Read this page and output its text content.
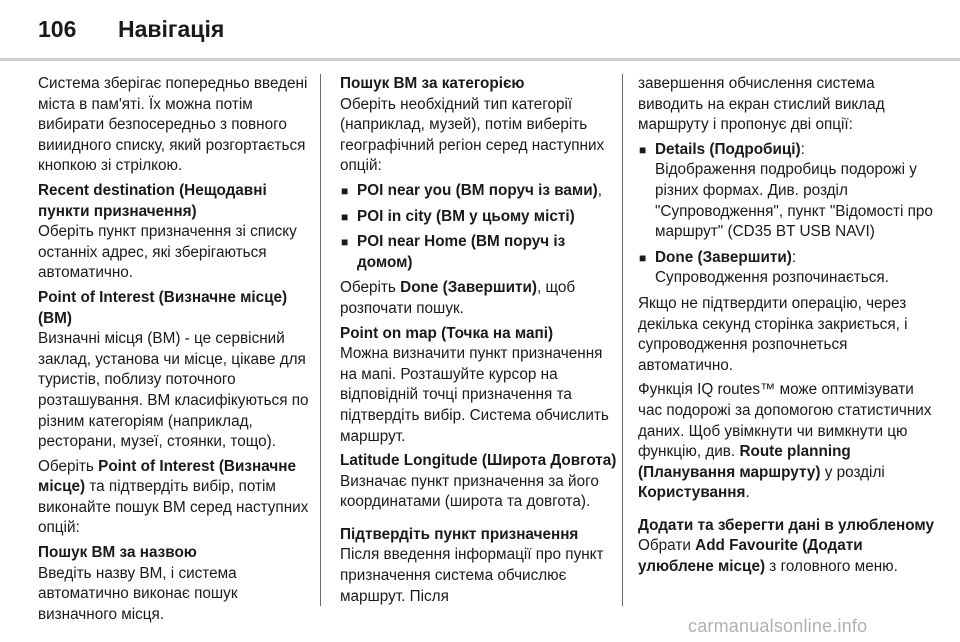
106 Навігація

Система зберігає попередньо введені міста в пам'яті. Їх можна потім вибирати безпосередньо з повного вииидного списку, який розгортається кнопкою зі стрілкою.

Recent destination (Нещодавні пункти призначення)
Оберіть пункт призначення зі списку останніх адрес, які зберігаються автоматично.

Point of Interest (Визначне місце) (ВМ)
Визначні місця (ВМ) - це сервісний заклад, установа чи місце, цікаве для туристів, поблизу поточного розташування. ВМ класифікуються по різним категоріям (наприклад, ресторани, музеї, стоянки, тощо).

Оберіть Point of Interest (Визначне місце) та підтвердіть вибір, потім виконайте пошук ВМ серед наступних опцій:

Пошук ВМ за назвою
Введіть назву ВМ, і система автоматично виконає пошук визначного місця.

Пошук ВМ за категорією
Оберіть необхідний тип категорії (наприклад, музей), потім виберіть географічний регіон серед наступних опцій:

■ POI near you (ВМ поруч із вами),
■ POI in city (ВМ у цьому місті)
■ POI near Home (ВМ поруч із домом)

Оберіть Done (Завершити), щоб розпочати пошук.

Point on map (Точка на мапі)
Можна визначити пункт призначення на мапі. Розташуйте курсор на відповідній точці призначення та підтвердіть вибір. Система обчислить маршрут.

Latitude Longitude (Широта Довгота)
Визначає пункт призначення за його координатами (широта та довгота).

Підтвердіть пункт призначення
Після введення інформації про пункт призначення система обчислює маршрут. Після

завершення обчислення система виводить на екран стислий виклад маршруту і пропонує дві опції:

■ Details (Подробиці):
Відображення подробиць подорожі у різних формах. Див. розділ "Супроводження", пункт "Відомості про маршрут" (CD35 BT USB NAVI)
■ Done (Завершити):
Супроводження розпочинається.

Якщо не підтвердити операцію, через декілька секунд сторінка закриється, і супроводження розпочнеться автоматично.

Функція IQ routes™ може оптимізувати час подорожі за допомогою статистичних даних. Щоб увімкнути чи вимкнути цю функцію, див. Route planning (Планування маршруту) у розділі Користування.

Додати та зберегти дані в улюбленому
Обрати Add Favourite (Додати улюблене місце) з головного меню.

carmanualsonline.info
